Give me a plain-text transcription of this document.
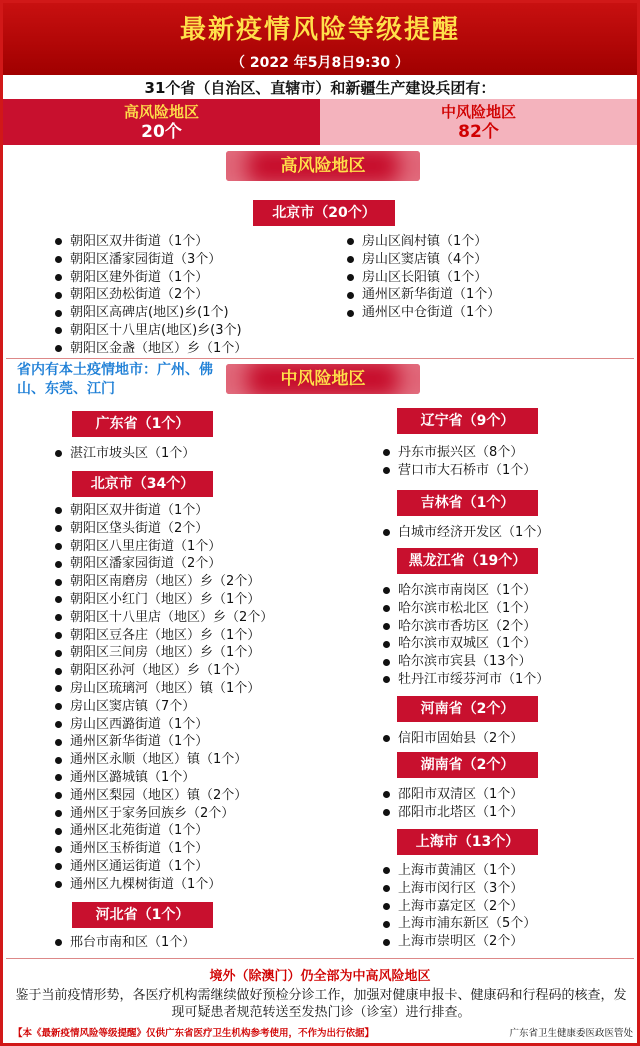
最新疫情风险等级提醒
（ 2022 年5月8日9:30 ）
31个省（自治区、直辖市）和新疆生产建设兵团有：
高风险地区
20个
中风险地区
82个
高风险地区
北京市（20个）
朝阳区双井街道（1个）
朝阳区潘家园街道（3个）
朝阳区建外街道（1个）
朝阳区劲松街道（2个）
朝阳区高碑店(地区)乡(1个)
朝阳区十八里店(地区)乡(3个)
朝阳区金盏（地区）乡（1个）
房山区阎村镇（1个）
房山区窦店镇（4个）
房山区长阳镇（1个）
通州区新华街道（1个）
通州区中仓街道（1个）
省内有本土疫情地市：广州、佛山、东莞、江门	中风险地区
广东省（1个）
湛江市坡头区（1个）
北京市（34个）
朝阳区双井街道（1个）
朝阳区垡头街道（2个）
朝阳区八里庄街道（1个）
朝阳区潘家园街道（2个）
朝阳区南磨房（地区）乡（2个）
朝阳区小红门（地区）乡（1个）
朝阳区十八里店（地区）乡（2个）
朝阳区豆各庄（地区）乡（1个）
朝阳区三间房（地区）乡（1个）
朝阳区孙河（地区）乡（1个）
房山区琉璃河（地区）镇（1个）
房山区窦店镇（7个）
房山区西潞街道（1个）
通州区新华街道（1个）
通州区永顺（地区）镇（1个）
通州区潞城镇（1个）
通州区梨园（地区）镇（2个）
通州区于家务回族乡（2个）
通州区北苑街道（1个）
通州区玉桥街道（1个）
通州区通运街道（1个）
通州区九棵树街道（1个）
河北省（1个）
邢台市南和区（1个）
辽宁省（9个）
丹东市振兴区（8个）
营口市大石桥市（1个）
吉林省（1个）
白城市经济开发区（1个）
黑龙江省（19个）
哈尔滨市南岗区（1个）
哈尔滨市松北区（1个）
哈尔滨市香坊区（2个）
哈尔滨市双城区（1个）
哈尔滨市宾县（13个）
牡丹江市绥芬河市（1个）
河南省（2个）
信阳市固始县（2个）
湖南省（2个）
邵阳市双清区（1个）
邵阳市北塔区（1个）
上海市（13个）
上海市黄浦区（1个）
上海市闵行区（3个）
上海市嘉定区（2个）
上海市浦东新区（5个）
上海市崇明区（2个）
境外（除澳门）仍全部为中高风险地区
鉴于当前疫情形势，各医疗机构需继续做好预检分诊工作，加强对健康申报卡、健康码和行程码的核查，发现可疑患者规范转送至发热门诊（诊室）进行排查。
【本《最新疫情风险等级提醒》仅供广东省医疗卫生机构参考使用，不作为出行依据】	广东省卫生健康委医政医管处
